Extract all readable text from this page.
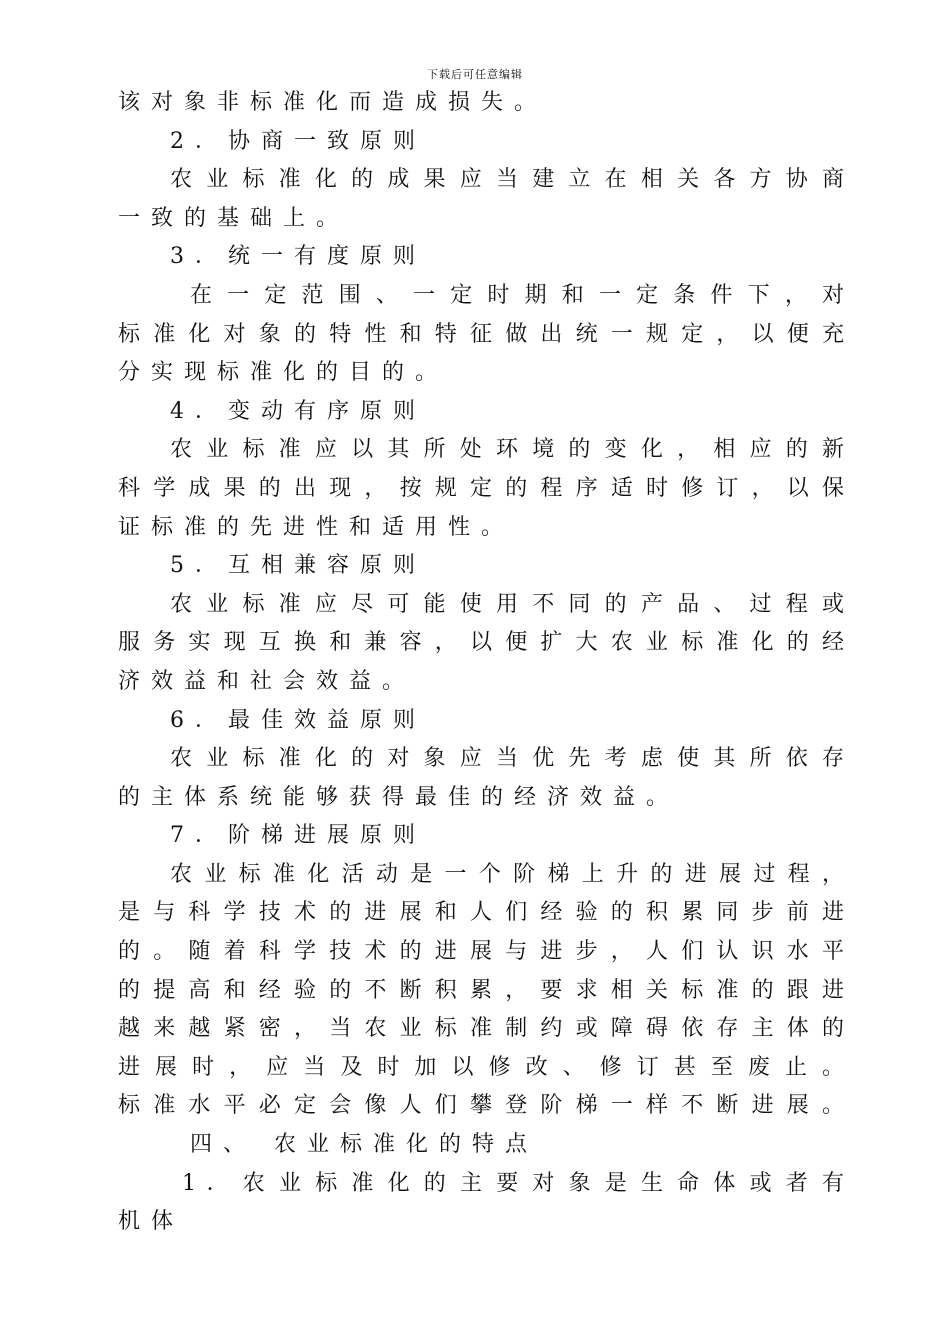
下载后可任意编辑
该对象非标准化而造成损失。
2．协商一致原则
农 业 标 准 化 的 成 果 应 当 建 立 在 相 关 各 方 协 商
一致的基础上。
3．统一有度原则
在 一 定 范 围 、 一 定 时 期 和 一 定 条 件 下 ， 对
标 准 化 对 象 的 特 性 和 特 征 做 出 统 一 规 定 ， 以 便 充
分实现标准化的目的。
4．变动有序原则
农 业 标 准 应 以 其 所 处 环 境 的 变 化 ， 相 应 的 新
科 学 成 果 的 出 现 ， 按 规 定 的 程 序 适 时 修 订 ， 以 保
证标准的先进性和适用性。
5．互相兼容原则
农 业 标 准 应 尽 可 能 使 用 不 同 的 产 品 、 过 程 或
服 务 实 现 互 换 和 兼 容 ， 以 便 扩 大 农 业 标 准 化 的 经
济效益和社会效益。
6．最佳效益原则
农 业 标 准 化 的 对 象 应 当 优 先 考 虑 使 其 所 依 存
的主体系统能够获得最佳的经济效益。
7．阶梯进展原则
农 业 标 准 化 活 动 是 一 个 阶 梯 上 升 的 进 展 过 程 ，
是 与 科 学 技 术 的 进 展 和 人 们 经 验 的 积 累 同 步 前 进
的 。 随 着 科 学 技 术 的 进 展 与 进 步 ， 人 们 认 识 水 平
的 提 高 和 经 验 的 不 断 积 累 ， 要 求 相 关 标 准 的 跟 进
越 来 越 紧 密 ， 当 农 业 标 准 制 约 或 障 碍 依 存 主 体 的
进 展 时 ， 应 当 及 时 加 以 修 改 、 修 订 甚 至 废 止 。
标 准 水 平 必 定 会 像 人 们 攀 登 阶 梯 一 样 不 断 进 展 。
四、 农业标准化的特点
1 ． 农 业 标 准 化 的 主 要 对 象 是 生 命 体 或 者 有
机体
